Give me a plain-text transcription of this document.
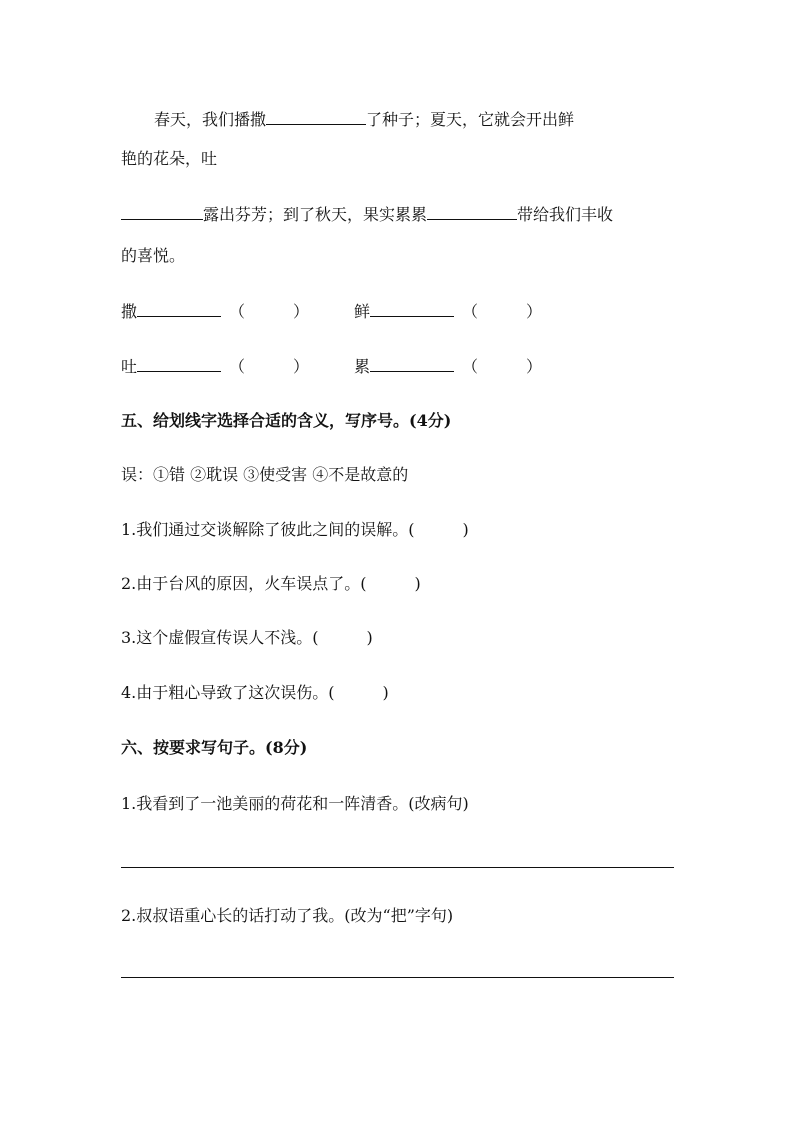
春天，我们播撒	了种子；夏天，它就会开出鲜
艳的花朵，吐
露出芬芳；到了秋天，果实累累	带给我们丰收
的喜悦。
撒	（	）	鲜	（	）
吐	（	）	累	（	）
五、给划线字选择合适的含义，写序号。(4分)
误：①错 ②耽误 ③使受害 ④不是故意的
1.我们通过交谈解除了彼此之间的误解。(	)
2.由于台风的原因，火车误点了。(	)
3.这个虚假宣传误人不浅。(	)
4.由于粗心导致了这次误伤。(	)
六、按要求写句子。(8分)
1.我看到了一池美丽的荷花和一阵清香。(改病句)
2.叔叔语重心长的话打动了我。(改为“把”字句)
